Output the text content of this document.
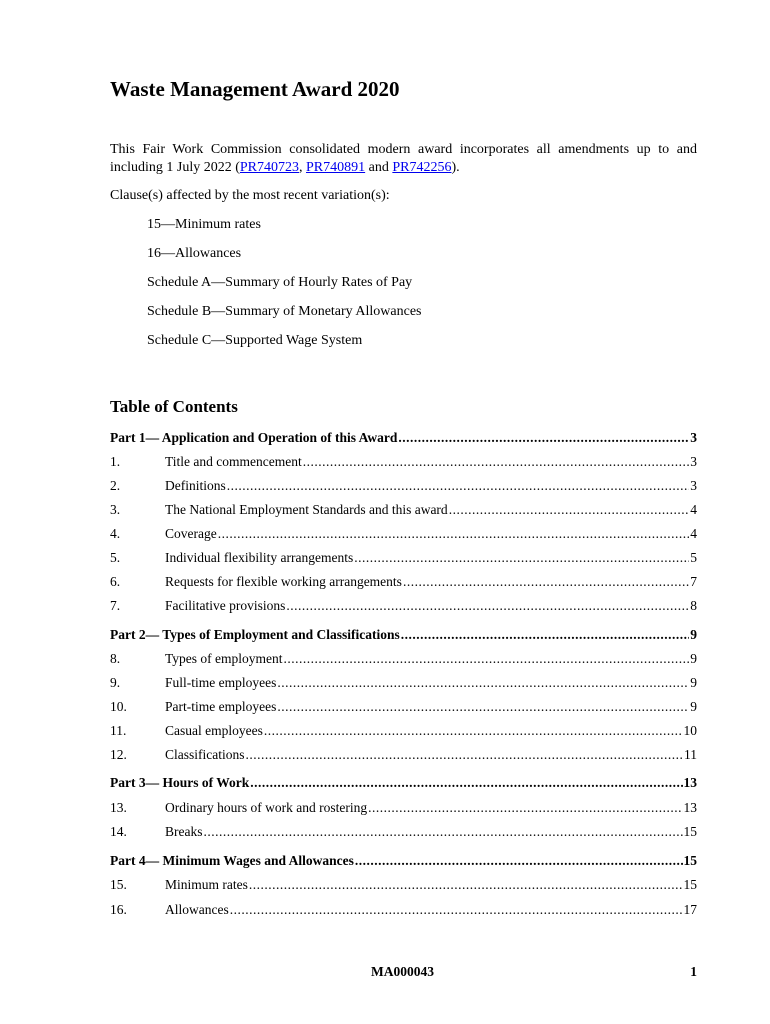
Waste Management Award 2020

This Fair Work Commission consolidated modern award incorporates all amendments up to and including 1 July 2022 (PR740723, PR740891 and PR742256).

Clause(s) affected by the most recent variation(s):

15—Minimum rates

16—Allowances

Schedule A—Summary of Hourly Rates of Pay

Schedule B—Summary of Monetary Allowances

Schedule C—Supported Wage System

Table of Contents
Part 1— Application and Operation of this Award .....	3
1.	Title and commencement .....	3
2.	Definitions .....	3
3.	The National Employment Standards and this award .....	4
4.	Coverage .....	4
5.	Individual flexibility arrangements .....	5
6.	Requests for flexible working arrangements .....	7
7.	Facilitative provisions .....	8
Part 2— Types of Employment and Classifications .....	9
8.	Types of employment .....	9
9.	Full-time employees .....	9
10.	Part-time employees .....	9
11.	Casual employees .....	10
12.	Classifications .....	11
Part 3— Hours of Work .....	13
13.	Ordinary hours of work and rostering .....	13
14.	Breaks .....	15
Part 4— Minimum Wages and Allowances .....	15
15.	Minimum rates .....	15
16.	Allowances .....	17
MA000043	1
